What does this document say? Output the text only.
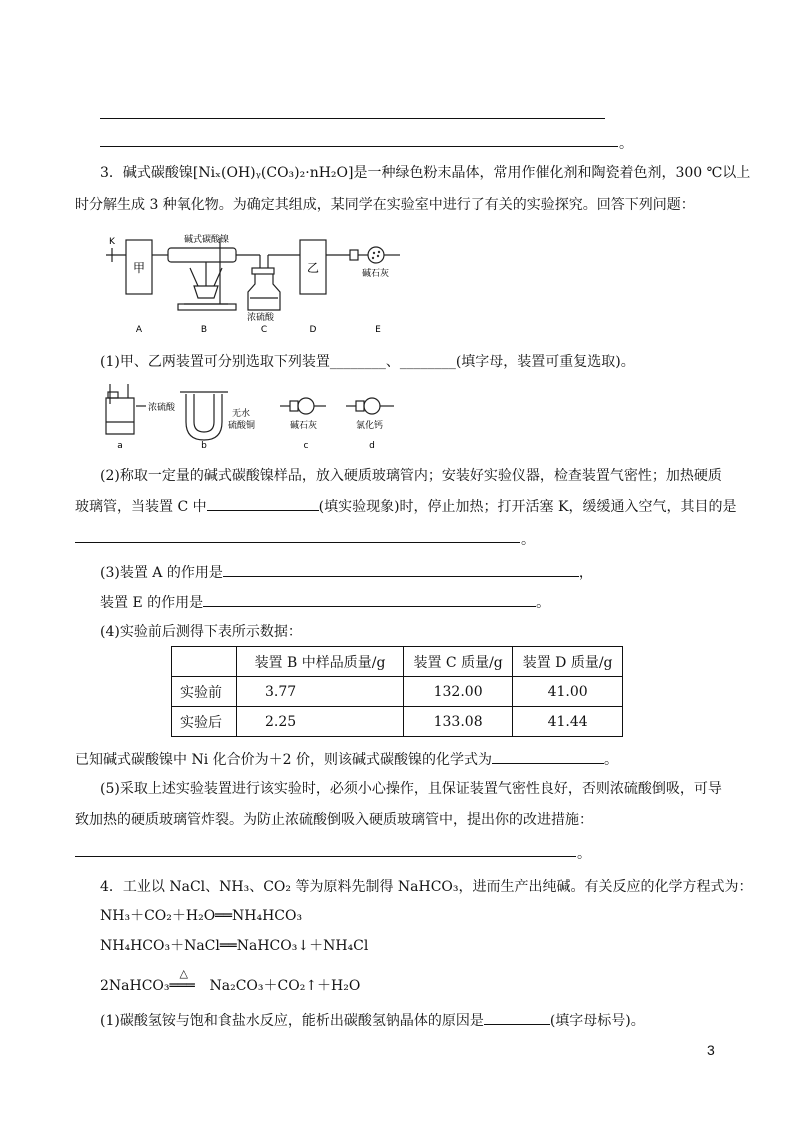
。
3．碱式碳酸镍[Niₓ(OH)ᵧ(CO₃)₂·nH₂O]是一种绿色粉末晶体，常用作催化剂和陶瓷着色剂，300 ℃以上
时分解生成 3 种氧化物。为确定其组成，某同学在实验室中进行了有关的实验探究。回答下列问题：
K
甲	乙
碱式碳酸镍
浓硫酸
碱石灰
A	B	C	D	E
(1)甲、乙两装置可分别选取下列装置________、________(填字母，装置可重复选取)。
浓硫酸
无水
硫酸铜	碱石灰	氯化钙
a	b	c	d
(2)称取一定量的碱式碳酸镍样品，放入硬质玻璃管内；安装好实验仪器，检查装置气密性；加热硬质
玻璃管，当装置 C 中	(填实验现象)时，停止加热；打开活塞 K，缓缓通入空气，其目的是
。
(3)装置 A 的作用是	，
装置 E 的作用是	。
(4)实验前后测得下表所示数据：
	装置 B 中样品质量/g	装置 C 质量/g	装置 D 质量/g
实验前	3.77	132.00	41.00
实验后	2.25	133.08	41.44
已知碱式碳酸镍中 Ni 化合价为＋2 价，则该碱式碳酸镍的化学式为	。
(5)采取上述实验装置进行该实验时，必须小心操作，且保证装置气密性良好，否则浓硫酸倒吸，可导
致加热的硬质玻璃管炸裂。为防止浓硫酸倒吸入硬质玻璃管中，提出你的改进措施：
。
4．工业以 NaCl、NH₃、CO₂ 等为原料先制得 NaHCO₃，进而生产出纯碱。有关反应的化学方程式为：
NH₃＋CO₂＋H₂O══NH₄HCO₃
NH₄HCO₃＋NaCl══NaHCO₃↓＋NH₄Cl
2NaHCO₃
△
═══ Na₂CO₃＋CO₂↑＋H₂O
(1)碳酸氢铵与饱和食盐水反应，能析出碳酸氢钠晶体的原因是	(填字母标号)。
3
